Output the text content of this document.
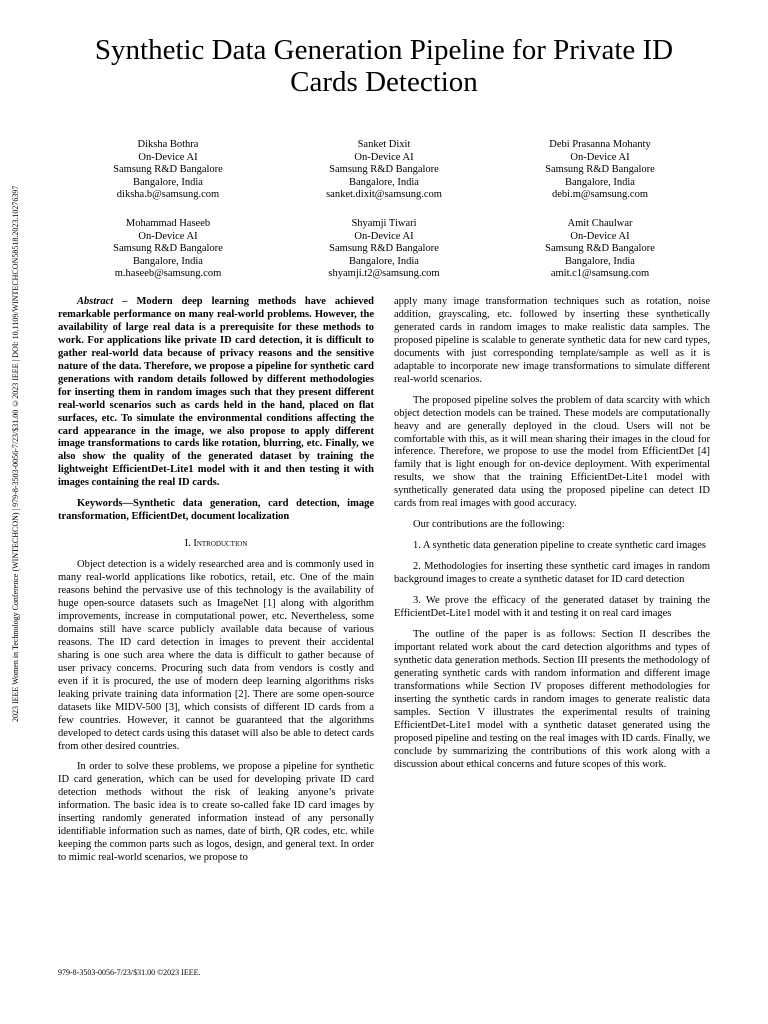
Synthetic Data Generation Pipeline for Private ID Cards Detection
Diksha Bothra
On-Device AI
Samsung R&D Bangalore
Bangalore, India
diksha.b@samsung.com
Sanket Dixit
On-Device AI
Samsung R&D Bangalore
Bangalore, India
sanket.dixit@samsung.com
Debi Prasanna Mohanty
On-Device AI
Samsung R&D Bangalore
Bangalore, India
debi.m@samsung.com
Mohammad Haseeb
On-Device AI
Samsung R&D Bangalore
Bangalore, India
m.haseeb@samsung.com
Shyamji Tiwari
On-Device AI
Samsung R&D Bangalore
Bangalore, India
shyamji.t2@samsung.com
Amit Chaulwar
On-Device AI
Samsung R&D Bangalore
Bangalore, India
amit.c1@samsung.com
2023 IEEE Women in Technology Conference (WINTECHCON) | 979-8-3503-0056-7/23/$31.00 ©2023 IEEE | DOI: 10.1109/WINTECHCON58518.2023.10276397	Abstract – Modern deep learning methods have achieved remarkable performance on many real-world problems. However, the availability of large real data is a prerequisite for these methods to work. For applications like private ID card detection, it is difficult to gather real-world data because of privacy reasons and the sensitive nature of the data. Therefore, we propose a pipeline for synthetic card generations with random details followed by different methodologies for inserting them in random images such that they present different real-world scenarios such as cards held in the hand, placed on flat surfaces, etc. To simulate the environmental conditions affecting the card appearance in the image, we also propose to apply different image transformations to cards like rotation, blurring, etc. Finally, we also show the quality of the generated dataset by training the lightweight EfficientDet-Lite1 model with it and then testing it with images containing the real ID cards.

Keywords—Synthetic data generation, card detection, image transformation, EfficientDet, document localization

I. Introduction

Object detection is a widely researched area and is commonly used in many real-world applications like robotics, retail, etc. One of the main reasons behind the pervasive use of this technology is the availability of huge open-source datasets such as ImageNet [1] along with algorithm improvements, increase in computational power, etc. Nevertheless, some domains still have scarce publicly available data because of various reasons. The ID card detection in images to prevent their accidental sharing is one such area where the data is difficult to gather because of user privacy concerns. Procuring such data from vendors is costly and even if it is procured, the use of modern deep learning algorithms risks leaking private training data information [2]. There are some open-source datasets like MIDV-500 [3], which consists of different ID cards from a few countries. However, it cannot be guaranteed that the algorithms developed to detect cards using this dataset will also be able to detect cards from other desired countries.

In order to solve these problems, we propose a pipeline for synthetic ID card generation, which can be used for developing private ID card detection methods without the risk of leaking anyone’s private information. The basic idea is to create so-called fake ID card images by inserting randomly generated information instead of any personally identifiable information such as names, date of birth, QR codes, etc. while keeping the common parts such as logos, design, and general text. In order to mimic real-world scenarios, we propose to

apply many image transformation techniques such as rotation, noise addition, grayscaling, etc. followed by inserting these synthetically generated cards in random images to make realistic data samples. The proposed pipeline is scalable to generate synthetic data for new card types, documents with just corresponding template/sample as well as it is adaptable to incorporate new image transformations to simulate different real-world scenarios.

The proposed pipeline solves the problem of data scarcity with which object detection models can be trained. These models are computationally heavy and are generally deployed in the cloud. Users will not be comfortable with this, as it will mean sharing their images in the cloud for inference. Therefore, we propose to use the model from EfficientDet [4] family that is light enough for on-device deployment. With experimental results, we show that the training EfficientDet-Lite1 model with synthetically generated data using the proposed pipeline can detect ID cards from real images with good accuracy.

Our contributions are the following:

1. A synthetic data generation pipeline to create synthetic card images

2. Methodologies for inserting these synthetic card images in random background images to create a synthetic dataset for ID card detection

3. We prove the efficacy of the generated dataset by training the EfficientDet-Lite1 model with it and testing it on real card images

The outline of the paper is as follows: Section II describes the important related work about the card detection algorithms and types of synthetic data generation methods. Section III presents the methodology of generating synthetic cards with random information and different image transformations while Section IV proposes different methodologies for inserting the synthetic cards in random images to generate realistic data samples. Section V illustrates the experimental results of training EfficientDet-Lite1 model with a synthetic dataset generated using the proposed pipeline and testing on the real images with ID cards. Finally, we conclude by summarizing the contributions of this work along with a discussion about ethical concerns and future scopes of this work.

979-8-3503-0056-7/23/$31.00 ©2023 IEEE.
